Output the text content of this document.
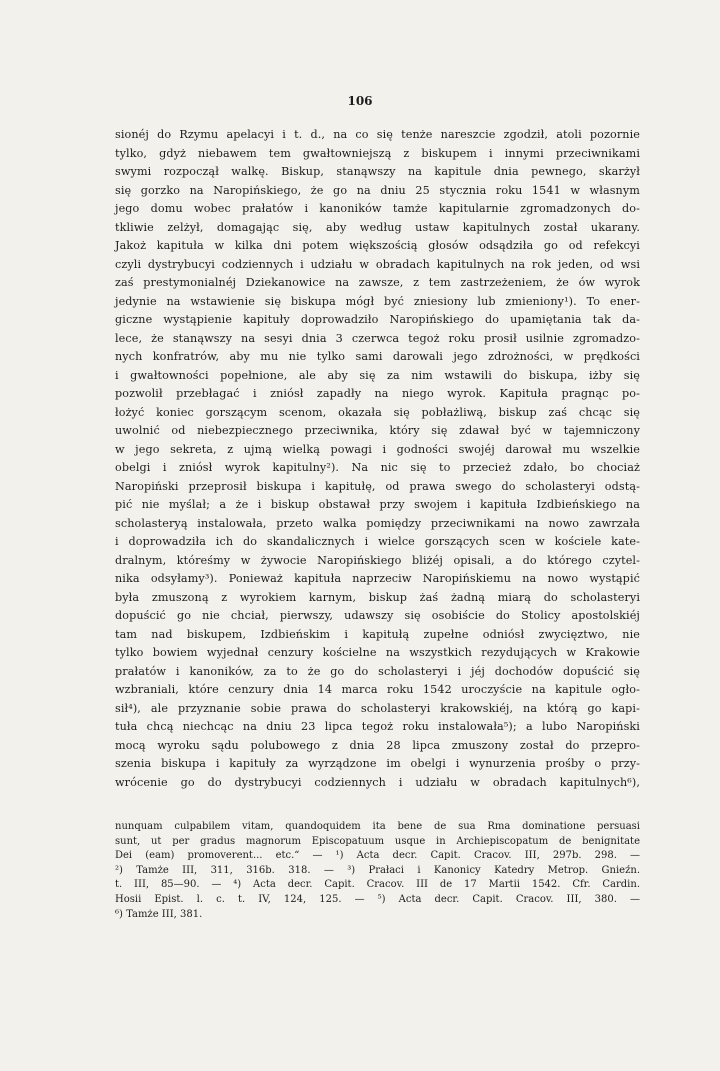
106
sionéj do Rzymu apelacyi i t. d., na co się tenże nareszcie zgodził, atoli pozornie
tylko, gdyż niebawem tem gwałtowniejszą z biskupem i innymi przeciwnikami
swymi rozpoczął walkę. Biskup, stanąwszy na kapitule dnia pewnego, skarżył
się gorzko na Naropińskiego, że go na dniu 25 stycznia roku 1541 w własnym
jego domu wobec prałatów i kanoników tamże kapitularnie zgromadzonych do-
tkliwie zelżył, domagając się, aby według ustaw kapitulnych został ukarany.
Jakoż kapituła w kilka dni potem większością głosów odsądziła go od refekcyi
czyli dystrybucyi codziennych i udziału w obradach kapitulnych na rok jeden, od wsi
zaś prestymonialnéj Dziekanowice na zawsze, z tem zastrzeżeniem, że ów wyrok
jedynie na wstawienie się biskupa mógł być zniesiony lub zmieniony¹). To ener-
giczne wystąpienie kapituły doprowadziło Naropińskiego do upamiętania tak da-
lece, że stanąwszy na sesyi dnia 3 czerwca tegoż roku prosił usilnie zgromadzo-
nych konfratrów, aby mu nie tylko sami darowali jego zdrożności, w prędkości
i gwałtowności popełnione, ale aby się za nim wstawili do biskupa, iżby się
pozwolił przebłagać i zniósł zapadły na niego wyrok. Kapituła pragnąc po-
łożyć koniec gorszącym scenom, okazała się pobłażliwą, biskup zaś chcąc się
uwolnić od niebezpiecznego przeciwnika, który się zdawał być w tajemniczony
w jego sekreta, z ujmą wielką powagi i godności swojéj darował mu wszelkie
obelgi i zniósł wyrok kapitulny²). Na nic się to przecież zdało, bo chociaż
Naropiński przeprosił biskupa i kapitułę, od prawa swego do scholasteryi odstą-
pić nie myślał; a że i biskup obstawał przy swojem i kapituła Izdbieńskiego na
scholasteryą instalowała, przeto walka pomiędzy przeciwnikami na nowo zawrzała
i doprowadziła ich do skandalicznych i wielce gorszących scen w kościele kate-
dralnym, któreśmy w żywocie Naropińskiego bliżéj opisali, a do którego czytel-
nika odsyłamy³). Ponieważ kapituła naprzeciw Naropińskiemu na nowo wystąpić
była zmuszoną z wyrokiem karnym, biskup żaś żadną miarą do scholasteryi
dopuścić go nie chciał, pierwszy, udawszy się osobiście do Stolicy apostolskiéj
tam nad biskupem, Izdbieńskim i kapitułą zupełne odniósł zwycięztwo, nie
tylko bowiem wyjednał cenzury kościelne na wszystkich rezydujących w Krakowie
prałatów i kanoników, za to że go do scholasteryi i jéj dochodów dopuścić się
wzbraniali, które cenzury dnia 14 marca roku 1542 uroczyście na kapitule ogło-
sił⁴), ale przyznanie sobie prawa do scholasteryi krakowskiéj, na którą go kapi-
tuła chcą niechcąc na dniu 23 lipca tegoż roku instalowała⁵); a lubo Naropiński
mocą wyroku sądu polubowego z dnia 28 lipca zmuszony został do przepro-
szenia biskupa i kapituły za wyrządzone im obelgi i wynurzenia prośby o przy-
wrócenie go do dystrybucyi codziennych i udziału w obradach kapitulnych⁶),
nunquam culpabilem vitam, quandoquidem ita bene de sua Rma dominatione persuasi
sunt, ut per gradus magnorum Episcopatuum usque in Archiepiscopatum de benignitate
Dei (eam) promoverent... etc.“ — ¹) Acta decr. Capit. Cracov. III, 297b. 298. —
²) Tamże III, 311, 316b. 318. — ³) Prałaci i Kanonicy Katedry Metrop. Gnieźn.
t. III, 85—90. — ⁴) Acta decr. Capit. Cracov. III de 17 Martii 1542. Cfr. Cardin.
Hosii Epist. l. c. t. IV, 124, 125. — ⁵) Acta decr. Capit. Cracov. III, 380. —
⁶) Tamże III, 381.
